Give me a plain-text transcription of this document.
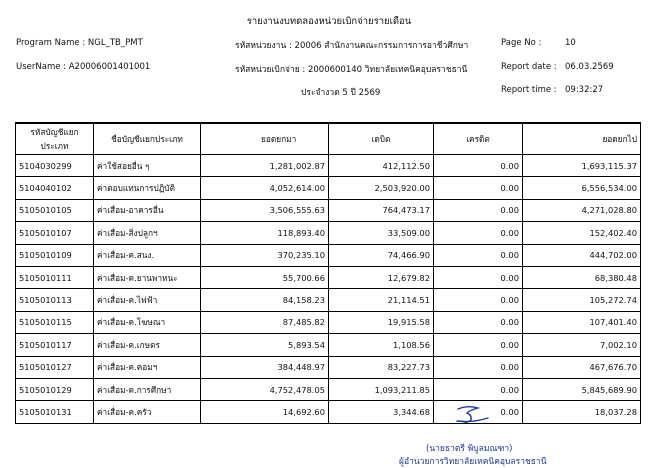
รายงานงบทดลองหน่วยเบิกจ่ายรายเดือน
Program Name : NGL_TB_PMT
UserName : A20006001401001
รหัสหน่วยงาน : 20006 สำนักงานคณะกรรมการการอาชีวศึกษา
รหัสหน่วยเบิกจ่าย : 2000600140 วิทยาลัยเทคนิคอุบลราชธานี
ประจำงวด 5 ปี 2569
Page No :	10
Report date : 06.03.2569
Report time : 09:32:27
รหัสบัญชีแยกประเภท	ชื่อบัญชีแยกประเภท	ยอดยกมา	เดบิต	เครดิต	ยอดยกไป
5104030299	ค่าใช้สอยอื่น ๆ	1,281,002.87	412,112.50	0.00	1,693,115.37
5104040102	ค่าตอบแทนการปฏิบัติ	4,052,614.00	2,503,920.00	0.00	6,556,534.00
5105010105	ค่าเสื่อม-อาคารอื่น	3,506,555.63	764,473.17	0.00	4,271,028.80
5105010107	ค่าเสื่อม-สิ่งปลูกฯ	118,893.40	33,509.00	0.00	152,402.40
5105010109	ค่าเสื่อม-ค.สนง.	370,235.10	74,466.90	0.00	444,702.00
5105010111	ค่าเสื่อม-ค.ยานพาหนะ	55,700.66	12,679.82	0.00	68,380.48
5105010113	ค่าเสื่อม-ค.ไฟฟ้า	84,158.23	21,114.51	0.00	105,272.74
5105010115	ค่าเสื่อม-ค.โฆษณา	87,485.82	19,915.58	0.00	107,401.40
5105010117	ค่าเสื่อม-ค.เกษตร	5,893.54	1,108.56	0.00	7,002.10
5105010127	ค่าเสื่อม-ค.คอมฯ	384,448.97	83,227.73	0.00	467,676.70
5105010129	ค่าเสื่อม-ค.การศึกษา	4,752,478.05	1,093,211.85	0.00	5,845,689.90
5105010131	ค่าเสื่อม-ค.ครัว	14,692.60	3,344.68	0.00	18,037.28
(นายธาตรี พิบูลมณฑา)
ผู้อำนวยการวิทยาลัยเทคนิคอุบลราชธานี
